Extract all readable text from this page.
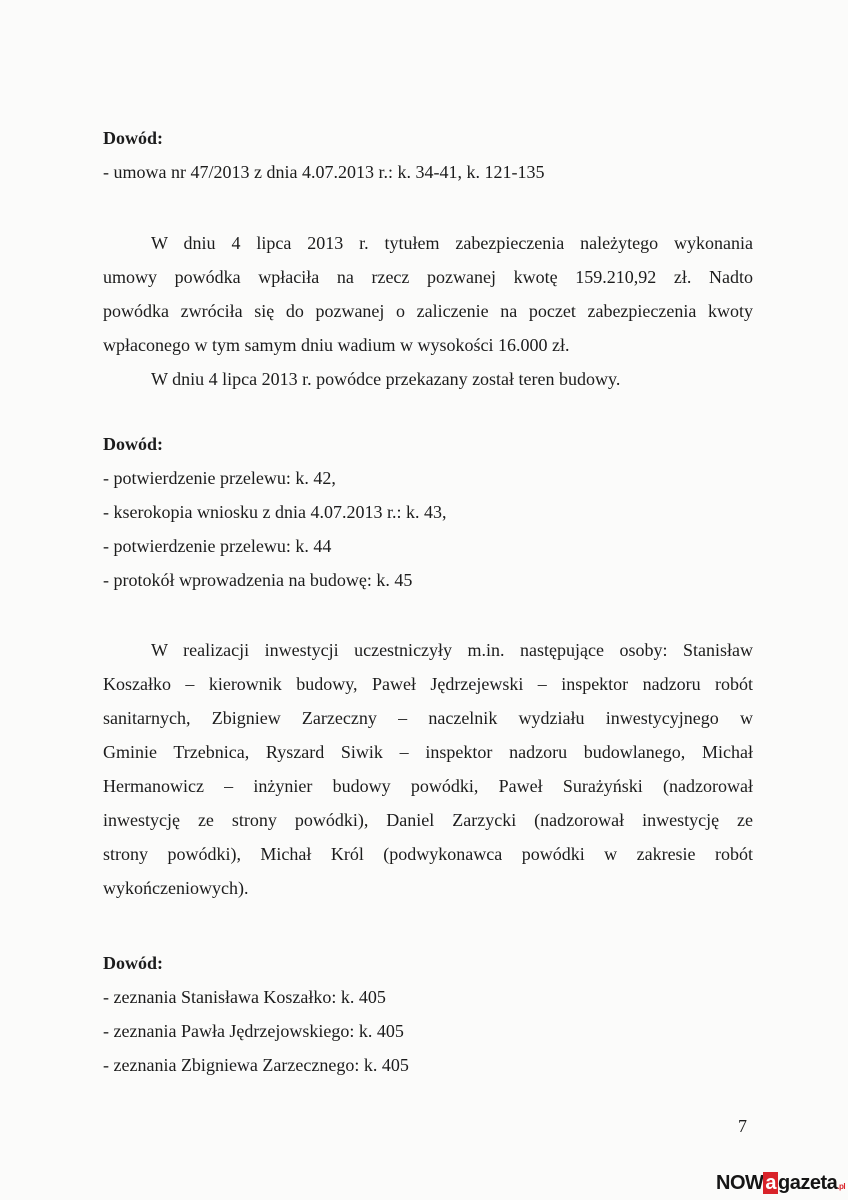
Dowód:
- umowa nr 47/2013 z dnia 4.07.2013 r.: k. 34-41, k. 121-135
W dniu 4 lipca 2013 r. tytułem zabezpieczenia należytego wykonania
umowy powódka wpłaciła na rzecz pozwanej kwotę 159.210,92 zł. Nadto
powódka zwróciła się do pozwanej o zaliczenie na poczet zabezpieczenia kwoty
wpłaconego w tym samym dniu wadium w wysokości 16.000 zł.
W dniu 4 lipca 2013 r. powódce przekazany został teren budowy.
Dowód:
- potwierdzenie przelewu: k. 42,
- kserokopia wniosku z dnia 4.07.2013 r.: k. 43,
- potwierdzenie przelewu: k. 44
- protokół wprowadzenia na budowę: k. 45
W realizacji inwestycji uczestniczyły m.in. następujące osoby: Stanisław
Koszałko – kierownik budowy, Paweł Jędrzejewski – inspektor nadzoru robót
sanitarnych, Zbigniew Zarzeczny – naczelnik wydziału inwestycyjnego w
Gminie Trzebnica, Ryszard Siwik – inspektor nadzoru budowlanego, Michał
Hermanowicz – inżynier budowy powódki, Paweł Surażyński (nadzorował
inwestycję ze strony powódki), Daniel Zarzycki (nadzorował inwestycję ze
strony powódki), Michał Król (podwykonawca powódki w zakresie robót
wykończeniowych).
Dowód:
- zeznania Stanisława Koszałko: k. 405
- zeznania Pawła Jędrzejowskiego: k. 405
- zeznania Zbigniewa Zarzecznego: k. 405
7
NOW a gazeta.pl
